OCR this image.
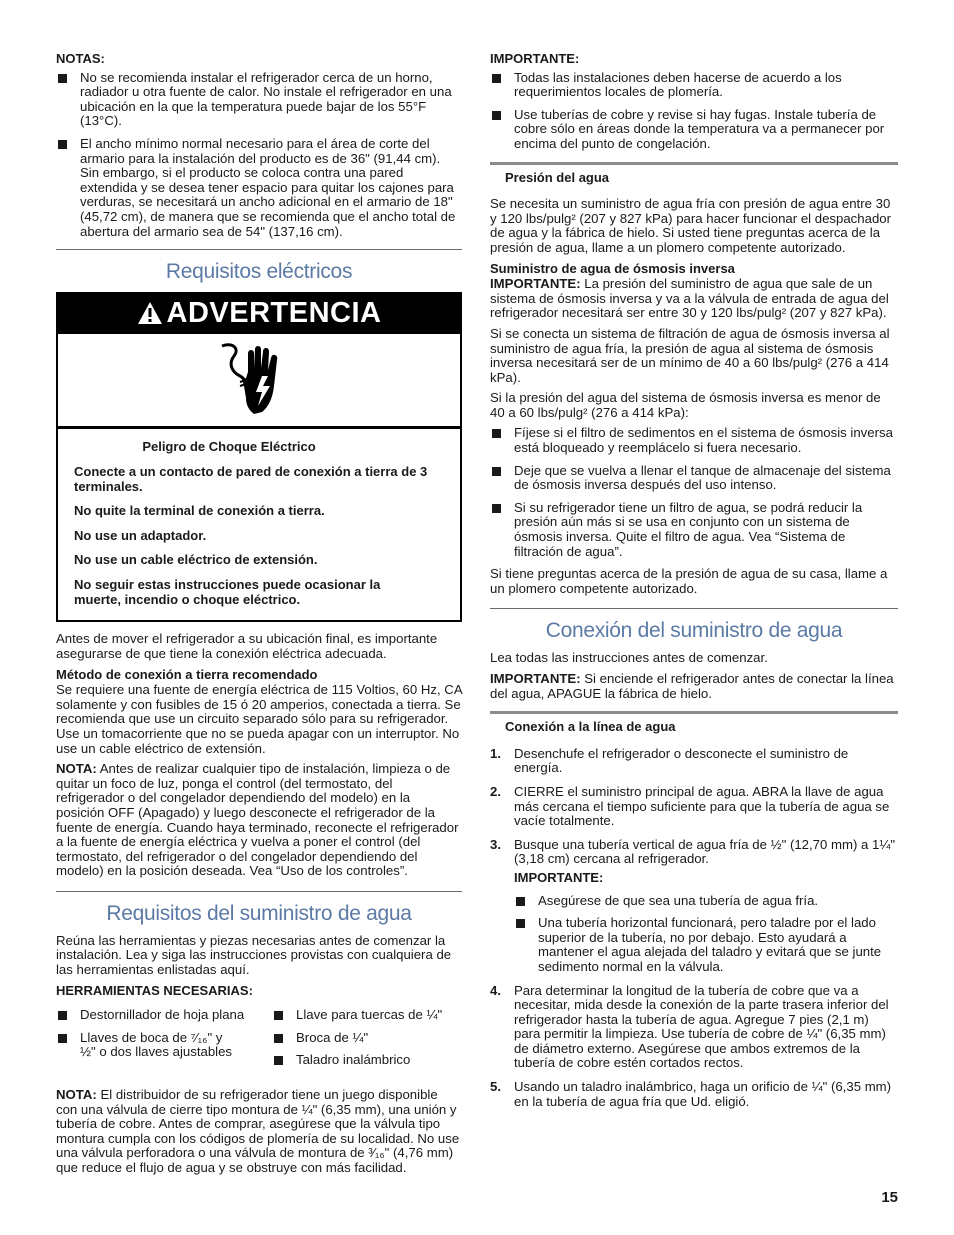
NOTAS:

No se recomienda instalar el refrigerador cerca de un horno, radiador u otra fuente de calor. No instale el refrigerador en una ubicación en la que la temperatura puede bajar de los 55°F (13°C).
El ancho mínimo normal necesario para el área de corte del armario para la instalación del producto es de 36" (91,44 cm). Sin embargo, si el producto se coloca contra una pared extendida y se desea tener espacio para quitar los cajones para verduras, se necesitará un ancho adicional en el armario de 18" (45,72 cm), de manera que se recomienda que el ancho total de abertura del armario sea de 54" (137,16 cm).
Requisitos eléctricos
ADVERTENCIA

Peligro de Choque Eléctrico

Conecte a un contacto de pared de conexión a tierra de 3 terminales.

No quite la terminal de conexión a tierra.

No use un adaptador.

No use un cable eléctrico de extensión.

No seguir estas instrucciones puede ocasionar la muerte, incendio o choque eléctrico.

Antes de mover el refrigerador a su ubicación final, es importante asegurarse de que tiene la conexión eléctrica adecuada.

Método de conexión a tierra recomendado

Se requiere una fuente de energía eléctrica de 115 Voltios, 60 Hz, CA solamente y con fusibles de 15 ó 20 amperios, conectada a tierra. Se recomienda que use un circuito separado sólo para su refrigerador. Use un tomacorriente que no se pueda apagar con un interruptor. No use un cable eléctrico de extensión.

NOTA: Antes de realizar cualquier tipo de instalación, limpieza o de quitar un foco de luz, ponga el control (del termostato, del refrigerador o del congelador dependiendo del modelo) en la posición OFF (Apagado) y luego desconecte el refrigerador de la fuente de energía. Cuando haya terminado, reconecte el refrigerador a la fuente de energía eléctrica y vuelva a poner el control (del termostato, del refrigerador o del congelador dependiendo del modelo) en la posición deseada. Vea “Uso de los controles”.

Requisitos del suministro de agua

Reúna las herramientas y piezas necesarias antes de comenzar la instalación. Lea y siga las instrucciones provistas con cualquiera de las herramientas enlistadas aquí.

HERRAMIENTAS NECESARIAS:

Destornillador de hoja plana
Llaves de boca de ⁷⁄₁₆" y ½" o dos llaves ajustables
Llave para tuercas de ¼"
Broca de ¼"
Taladro inalámbrico

NOTA: El distribuidor de su refrigerador tiene un juego disponible con una válvula de cierre tipo montura de ¼" (6,35 mm), una unión y tubería de cobre. Antes de comprar, asegúrese que la válvula tipo montura cumpla con los códigos de plomería de su localidad. No use una válvula perforadora o una válvula de montura de ³⁄₁₆" (4,76 mm) que reduce el flujo de agua y se obstruye con más facilidad.

IMPORTANTE:

Todas las instalaciones deben hacerse de acuerdo a los requerimientos locales de plomería.
Use tuberías de cobre y revise si hay fugas. Instale tubería de cobre sólo en áreas donde la temperatura va a permanecer por encima del punto de congelación.
Presión del agua

Se necesita un suministro de agua fría con presión de agua entre 30 y 120 lbs/pulg² (207 y 827 kPa) para hacer funcionar el despachador de agua y la fábrica de hielo. Si usted tiene preguntas acerca de la presión de agua, llame a un plomero competente autorizado.

Suministro de agua de ósmosis inversa

IMPORTANTE: La presión del suministro de agua que sale de un sistema de ósmosis inversa y va a la válvula de entrada de agua del refrigerador necesitará ser entre 30 y 120 lbs/pulg² (207 y 827 kPa).

Si se conecta un sistema de filtración de agua de ósmosis inversa al suministro de agua fría, la presión de agua al sistema de ósmosis inversa necesitará ser de un mínimo de 40 a 60 lbs/pulg² (276 a 414 kPa).

Si la presión del agua del sistema de ósmosis inversa es menor de 40 a 60 lbs/pulg² (276 a 414 kPa):

Fíjese si el filtro de sedimentos en el sistema de ósmosis inversa está bloqueado y reemplácelo si fuera necesario.
Deje que se vuelva a llenar el tanque de almacenaje del sistema de ósmosis inversa después del uso intenso.
Si su refrigerador tiene un filtro de agua, se podrá reducir la presión aún más si se usa en conjunto con un sistema de ósmosis inversa. Quite el filtro de agua. Vea “Sistema de filtración de agua”.

Si tiene preguntas acerca de la presión de agua de su casa, llame a un plomero competente autorizado.

Conexión del suministro de agua

Lea todas las instrucciones antes de comenzar.

IMPORTANTE: Si enciende el refrigerador antes de conectar la línea del agua, APAGUE la fábrica de hielo.

Conexión a la línea de agua
1. Desenchufe el refrigerador o desconecte el suministro de energía.
2. CIERRE el suministro principal de agua. ABRA la llave de agua más cercana el tiempo suficiente para que la tubería de agua se vacíe totalmente.
3. Busque una tubería vertical de agua fría de ½" (12,70 mm) a 1¼" (3,18 cm) cercana al refrigerador.
IMPORTANTE:
Asegúrese de que sea una tubería de agua fría.
Una tubería horizontal funcionará, pero taladre por el lado superior de la tubería, no por debajo. Esto ayudará a mantener el agua alejada del taladro y evitará que se junte sedimento normal en la válvula.
4. Para determinar la longitud de la tubería de cobre que va a necesitar, mida desde la conexión de la parte trasera inferior del refrigerador hasta la tubería de agua. Agregue 7 pies (2,1 m) para permitir la limpieza. Use tubería de cobre de ¼" (6,35 mm) de diámetro externo. Asegúrese que ambos extremos de la tubería de cobre estén cortados rectos.
5. Usando un taladro inalámbrico, haga un orificio de ¼" (6,35 mm) en la tubería de agua fría que Ud. eligió.
15
